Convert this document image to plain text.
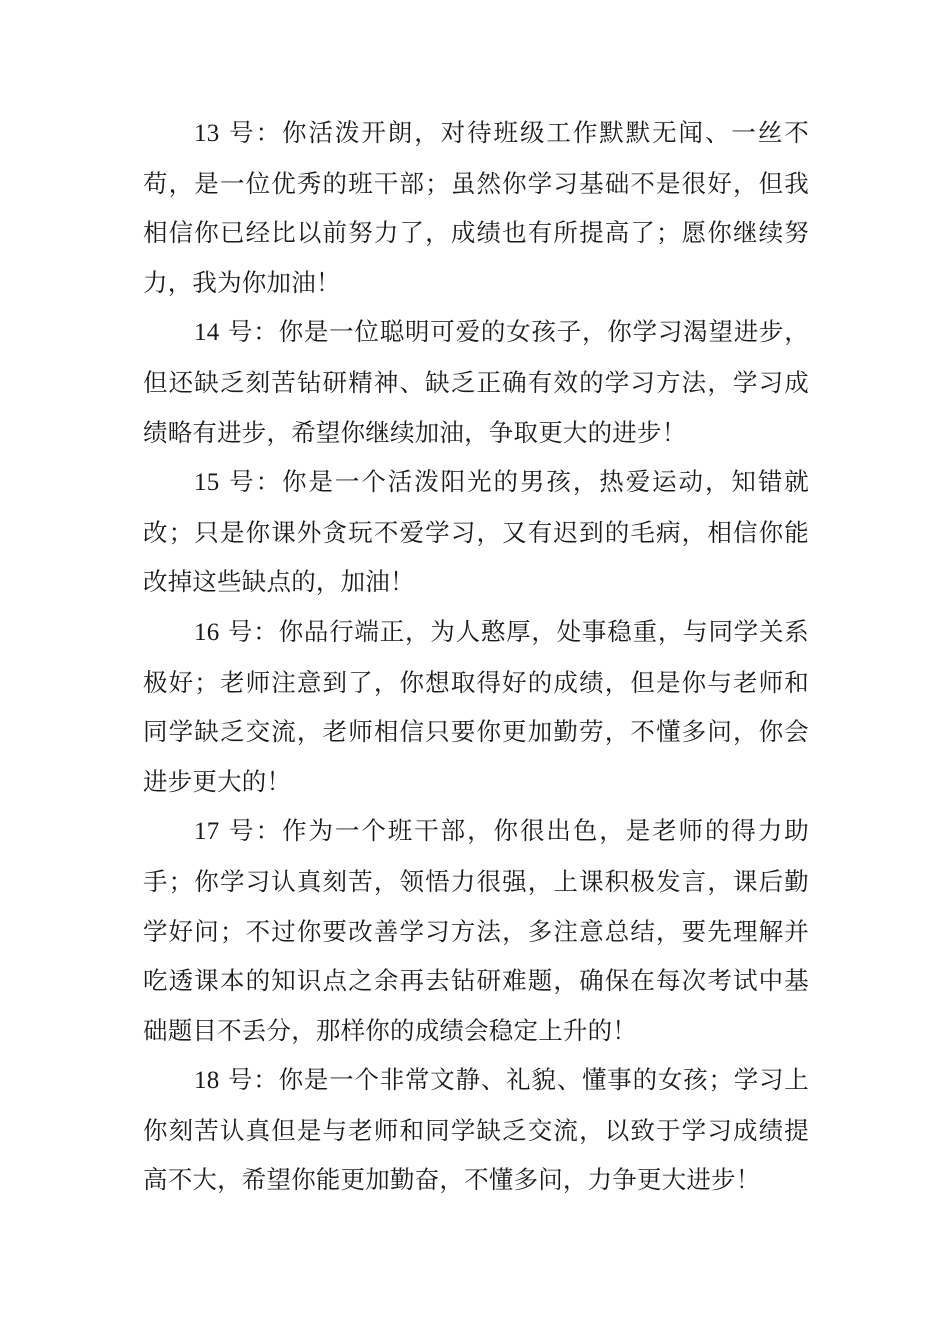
13 号：你活泼开朗，对待班级工作默默无闻、一丝不苟，是一位优秀的班干部；虽然你学习基础不是很好，但我相信你已经比以前努力了，成绩也有所提高了；愿你继续努力，我为你加油！

14 号：你是一位聪明可爱的女孩子，你学习渴望进步，但还缺乏刻苦钻研精神、缺乏正确有效的学习方法，学习成绩略有进步，希望你继续加油，争取更大的进步！

15 号：你是一个活泼阳光的男孩，热爱运动，知错就改；只是你课外贪玩不爱学习，又有迟到的毛病，相信你能改掉这些缺点的，加油！

16 号：你品行端正，为人憨厚，处事稳重，与同学关系极好；老师注意到了，你想取得好的成绩，但是你与老师和同学缺乏交流，老师相信只要你更加勤劳，不懂多问，你会进步更大的！

17 号：作为一个班干部，你很出色，是老师的得力助手；你学习认真刻苦，领悟力很强，上课积极发言，课后勤学好问；不过你要改善学习方法，多注意总结，要先理解并吃透课本的知识点之余再去钻研难题，确保在每次考试中基础题目不丢分，那样你的成绩会稳定上升的！

18 号：你是一个非常文静、礼貌、懂事的女孩；学习上你刻苦认真但是与老师和同学缺乏交流，以致于学习成绩提高不大，希望你能更加勤奋，不懂多问，力争更大进步！
